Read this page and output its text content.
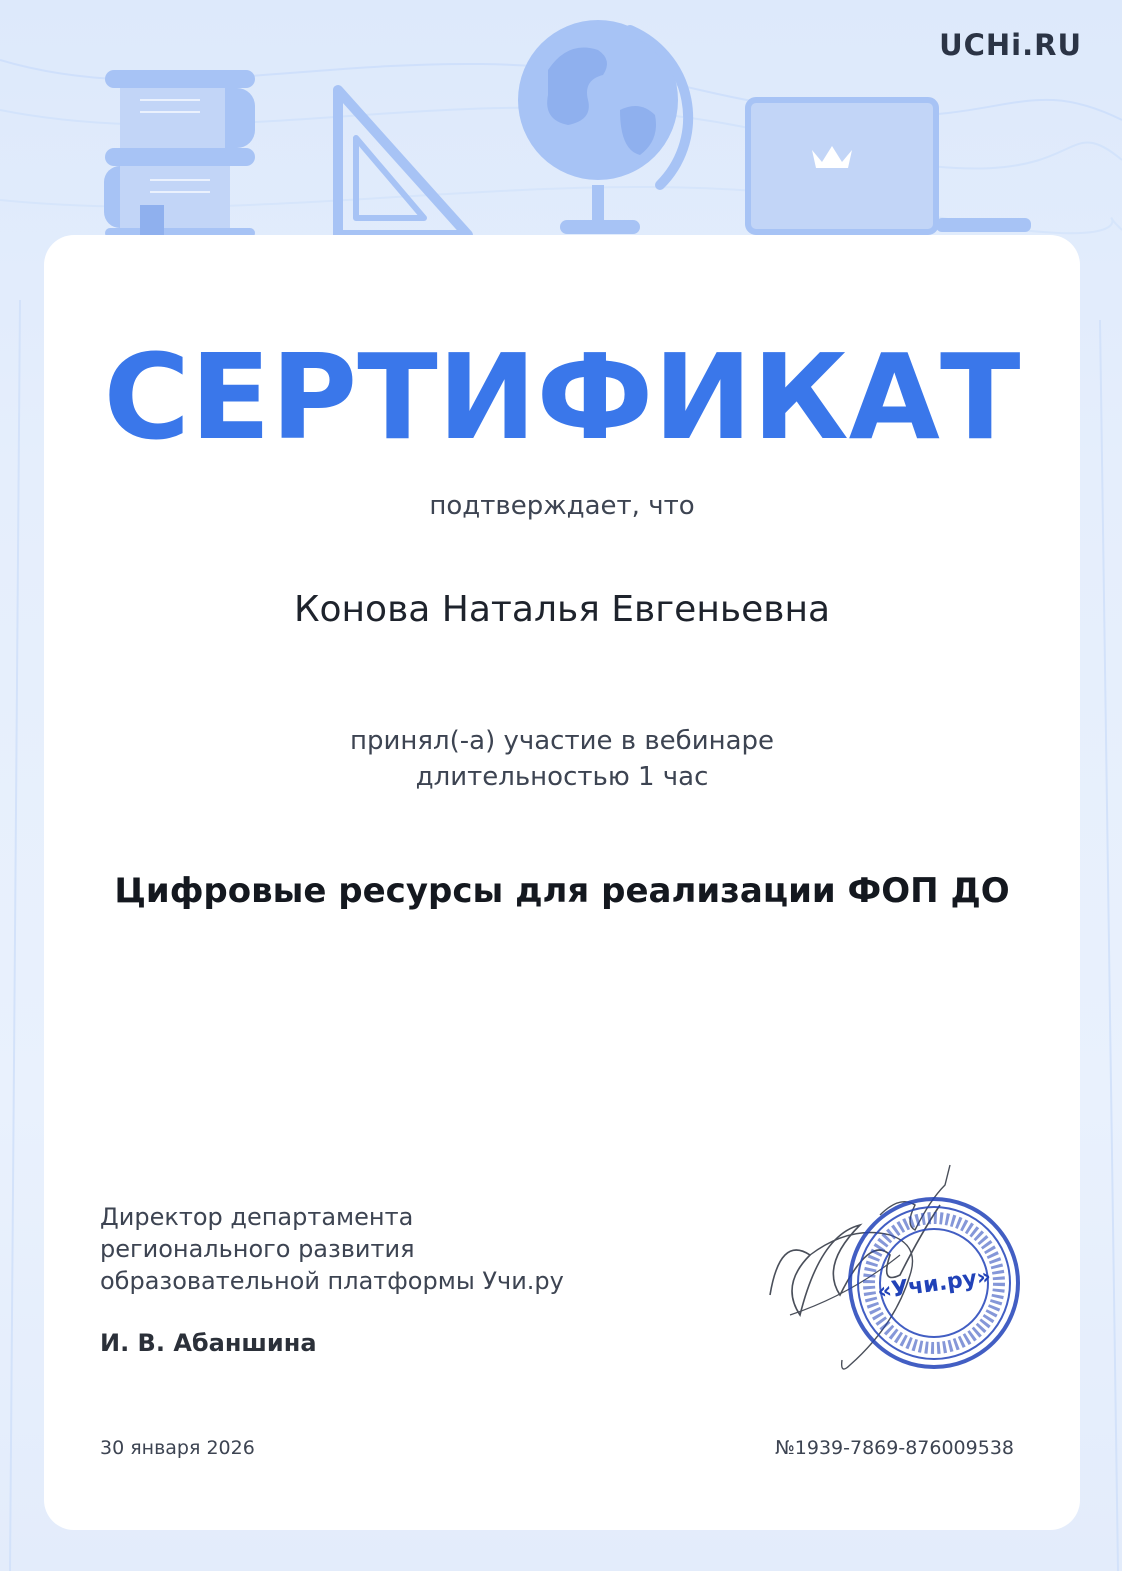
UCHi.RU
СЕРТИФИКАТ
подтверждает, что
Конова Наталья Евгеньевна
принял(-а) участие в вебинаре
длительностью 1 час
Цифровые ресурсы для реализации ФОП ДО
Директор департамента
регионального развития
образовательной платформы Учи.ру
И. В. Абаншина
30 января 2026	№1939-7869-876009538
«Учи.ру»
